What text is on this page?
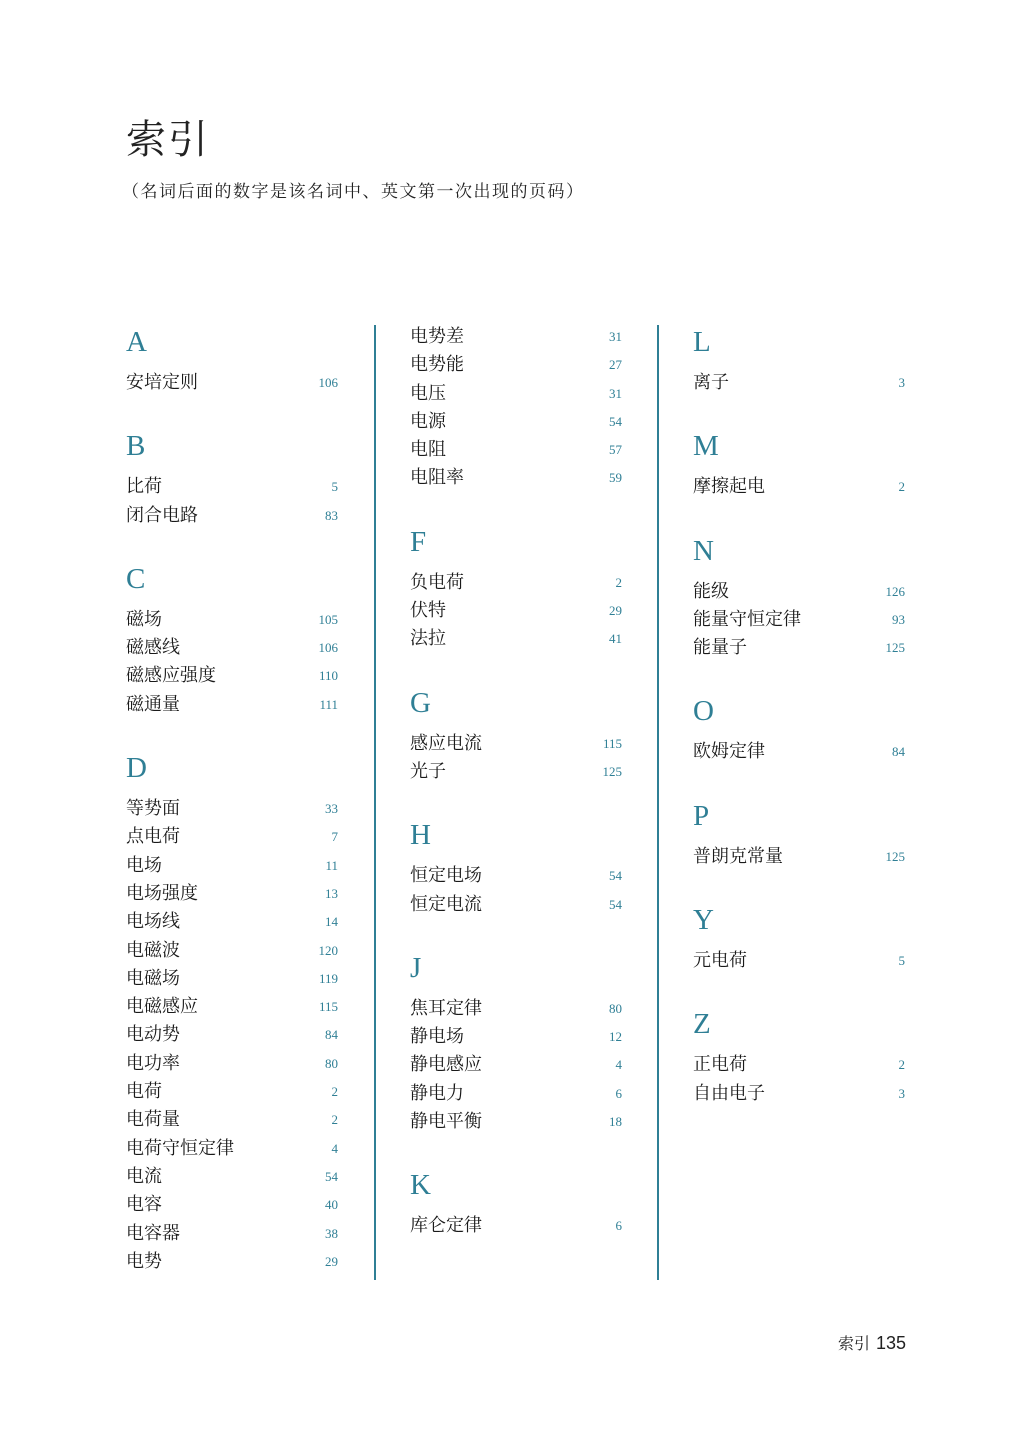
索引
（名词后面的数字是该名词中、英文第一次出现的页码）
A
安培定则	106
B
比荷	5
闭合电路	83
C
磁场	105
磁感线	106
磁感应强度	110
磁通量	111
D
等势面	33
点电荷	7
电场	11
电场强度	13
电场线	14
电磁波	120
电磁场	119
电磁感应	115
电动势	84
电功率	80
电荷	2
电荷量	2
电荷守恒定律	4
电流	54
电容	40
电容器	38
电势	29
电势差	31
电势能	27
电压	31
电源	54
电阻	57
电阻率	59
F
负电荷	2
伏特	29
法拉	41
G
感应电流	115
光子	125
H
恒定电场	54
恒定电流	54
J
焦耳定律	80
静电场	12
静电感应	4
静电力	6
静电平衡	18
K
库仑定律	6
L
离子	3
M
摩擦起电	2
N
能级	126
能量守恒定律	93
能量子	125
O
欧姆定律	84
P
普朗克常量	125
Y
元电荷	5
Z
正电荷	2
自由电子	3
索引 135
